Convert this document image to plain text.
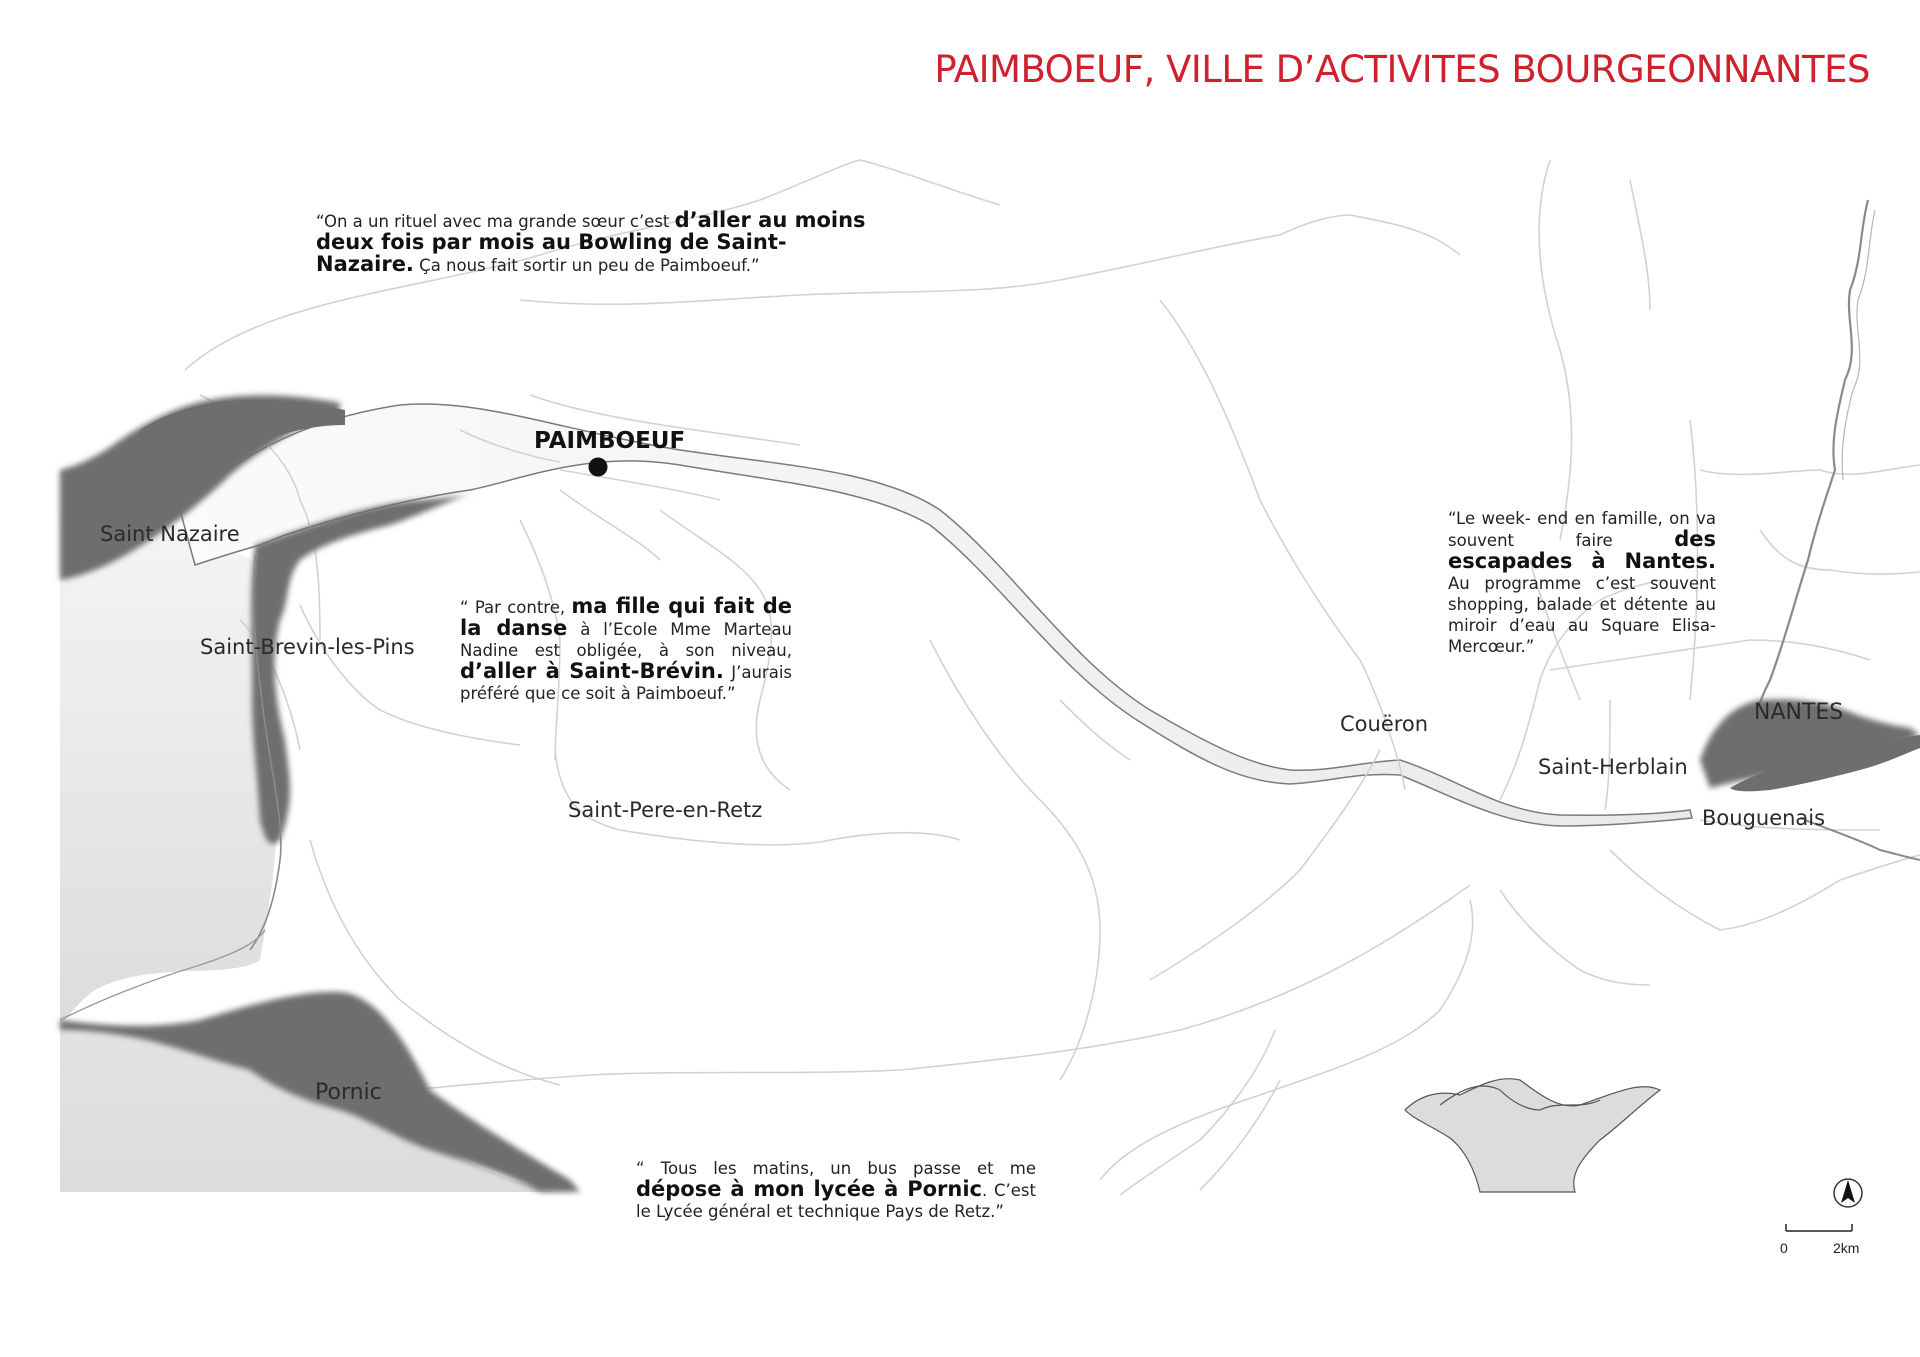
PAIMBOEUF, VILLE D’ACTIVITES BOURGEONNANTES
PAIMBOEUF
Saint Nazaire
Saint-Brevin-les-Pins
Saint-Pere-en-Retz
Pornic
Couëron
Saint-Herblain
NANTES
Bouguenais
“On a un rituel avec ma grande sœur c’est d’aller au moins deux fois par mois au Bowling de Saint-Nazaire. Ça nous fait sortir un peu de Paimboeuf.”
“ Par contre, ma fille qui fait de la danse à l’Ecole Mme Marteau Nadine est obligée, à son niveau, d’aller à Saint-Brévin. J’aurais préféré que ce soit à Paimboeuf.”
“Le week- end en famille, on va souvent faire des escapades à Nantes. Au programme c’est souvent shopping, balade et détente au miroir d’eau au Square Elisa- Mercœur.”
“ Tous les matins, un bus passe et me dépose à mon lycée à Pornic. C’est le Lycée général et technique Pays de Retz.”
0	2km
